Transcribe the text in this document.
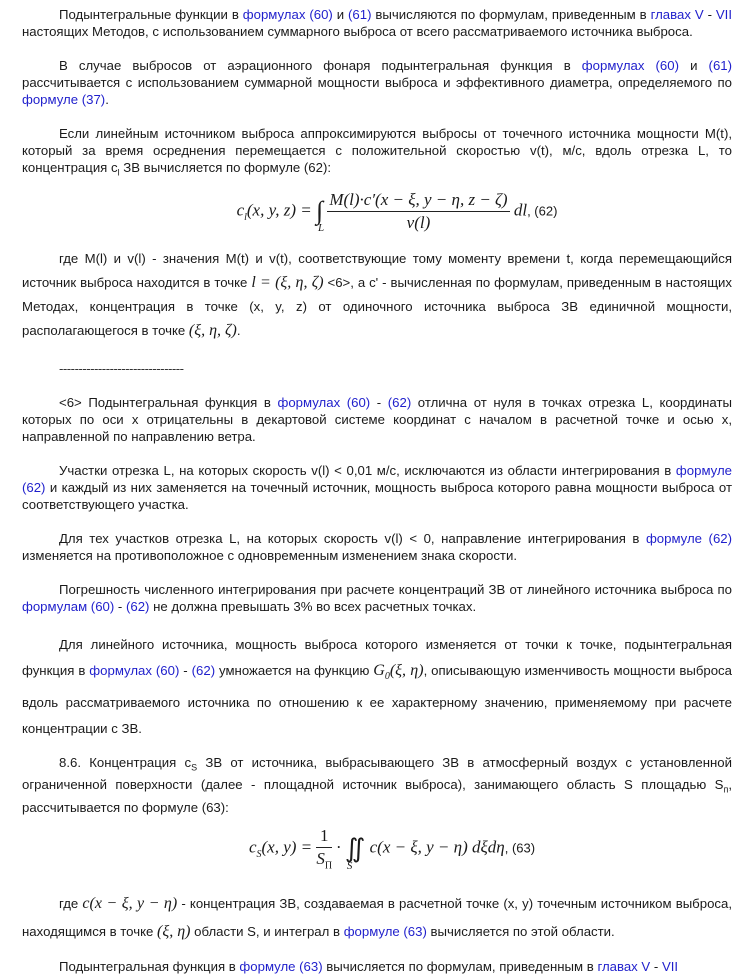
Подынтегральные функции в формулах (60) и (61) вычисляются по формулам, приведенным в главах V - VII настоящих Методов, с использованием суммарного выброса от всего рассматриваемого источника выброса.

В случае выбросов от аэрационного фонаря подынтегральная функция в формулах (60) и (61) рассчитывается с использованием суммарной мощности выброса и эффективного диаметра, определяемого по формуле (37).

Если линейным источником выброса аппроксимируются выбросы от точечного источника мощности M(t), который за время осреднения перемещается с положительной скоростью v(t), м/с, вдоль отрезка L, то концентрация $c_l$ ЗВ вычисляется по формуле (62):

$c_l(x$, y, z) = ∫
L
$\frac{M(l)\cdot c'(x - \xi, y - \eta, z - \zeta)}{v(l)}$ dl, (62)

где M(l) и v(l) - значения M(t) и v(t), соответствующие тому моменту времени t, когда перемещающийся источник выброса находится в точке l = (ξ, η, ζ) <6>, а c' - вычисленная по формулам, приведенным в настоящих Методах, концентрация в точке (x, y, z) от одиночного источника выброса ЗВ единичной мощности, располагающегося в точке (ξ, η, ζ).

--------------------------------

<6> Подынтегральная функция в формулах (60) - (62) отлична от нуля в точках отрезка L, координаты которых по оси x отрицательны в декартовой системе координат с началом в расчетной точке и осью x, направленной по направлению ветра.

Участки отрезка L, на которых скорость v(l) < 0,01 м/с, исключаются из области интегрирования в формуле (62) и каждый из них заменяется на точечный источник, мощность выброса которого равна мощности выброса от соответствующего участка.

Для тех участков отрезка L, на которых скорость v(l) < 0, направление интегрирования в формуле (62) изменяется на противоположное с одновременным изменением знака скорости.

Погрешность численного интегрирования при расчете концентраций ЗВ от линейного источника выброса по формулам (60) - (62) не должна превышать 3% во всех расчетных точках.

Для линейного источника, мощность выброса которого изменяется от точки к точке, подынтегральная функция в формулах (60) - (62) умножается на функцию $G_0(\xi$, η), описывающую изменчивость мощности выброса вдоль рассматриваемого источника по отношению к ее характерному значению, применяемому при расчете концентрации c ЗВ.

8.6. Концентрация $c_S$ ЗВ от источника, выбрасывающего ЗВ в атмосферный воздух с установленной ограниченной поверхности (далее - площадной источник выброса), занимающего область S площадью $S_п$, рассчитывается по формуле (63):

$c_S(x$, $y) = \frac{1}{S_П}$ · ∬
S
c(x − ξ, y − η) dξdη, (63)

где c(x − ξ, y − η) - концентрация ЗВ, создаваемая в расчетной точке (x, y) точечным источником выброса, находящимся в точке (ξ, η) области S, и интеграл в формуле (63) вычисляется по этой области.

Подынтегральная функция в формуле (63) вычисляется по формулам, приведенным в главах V - VII
